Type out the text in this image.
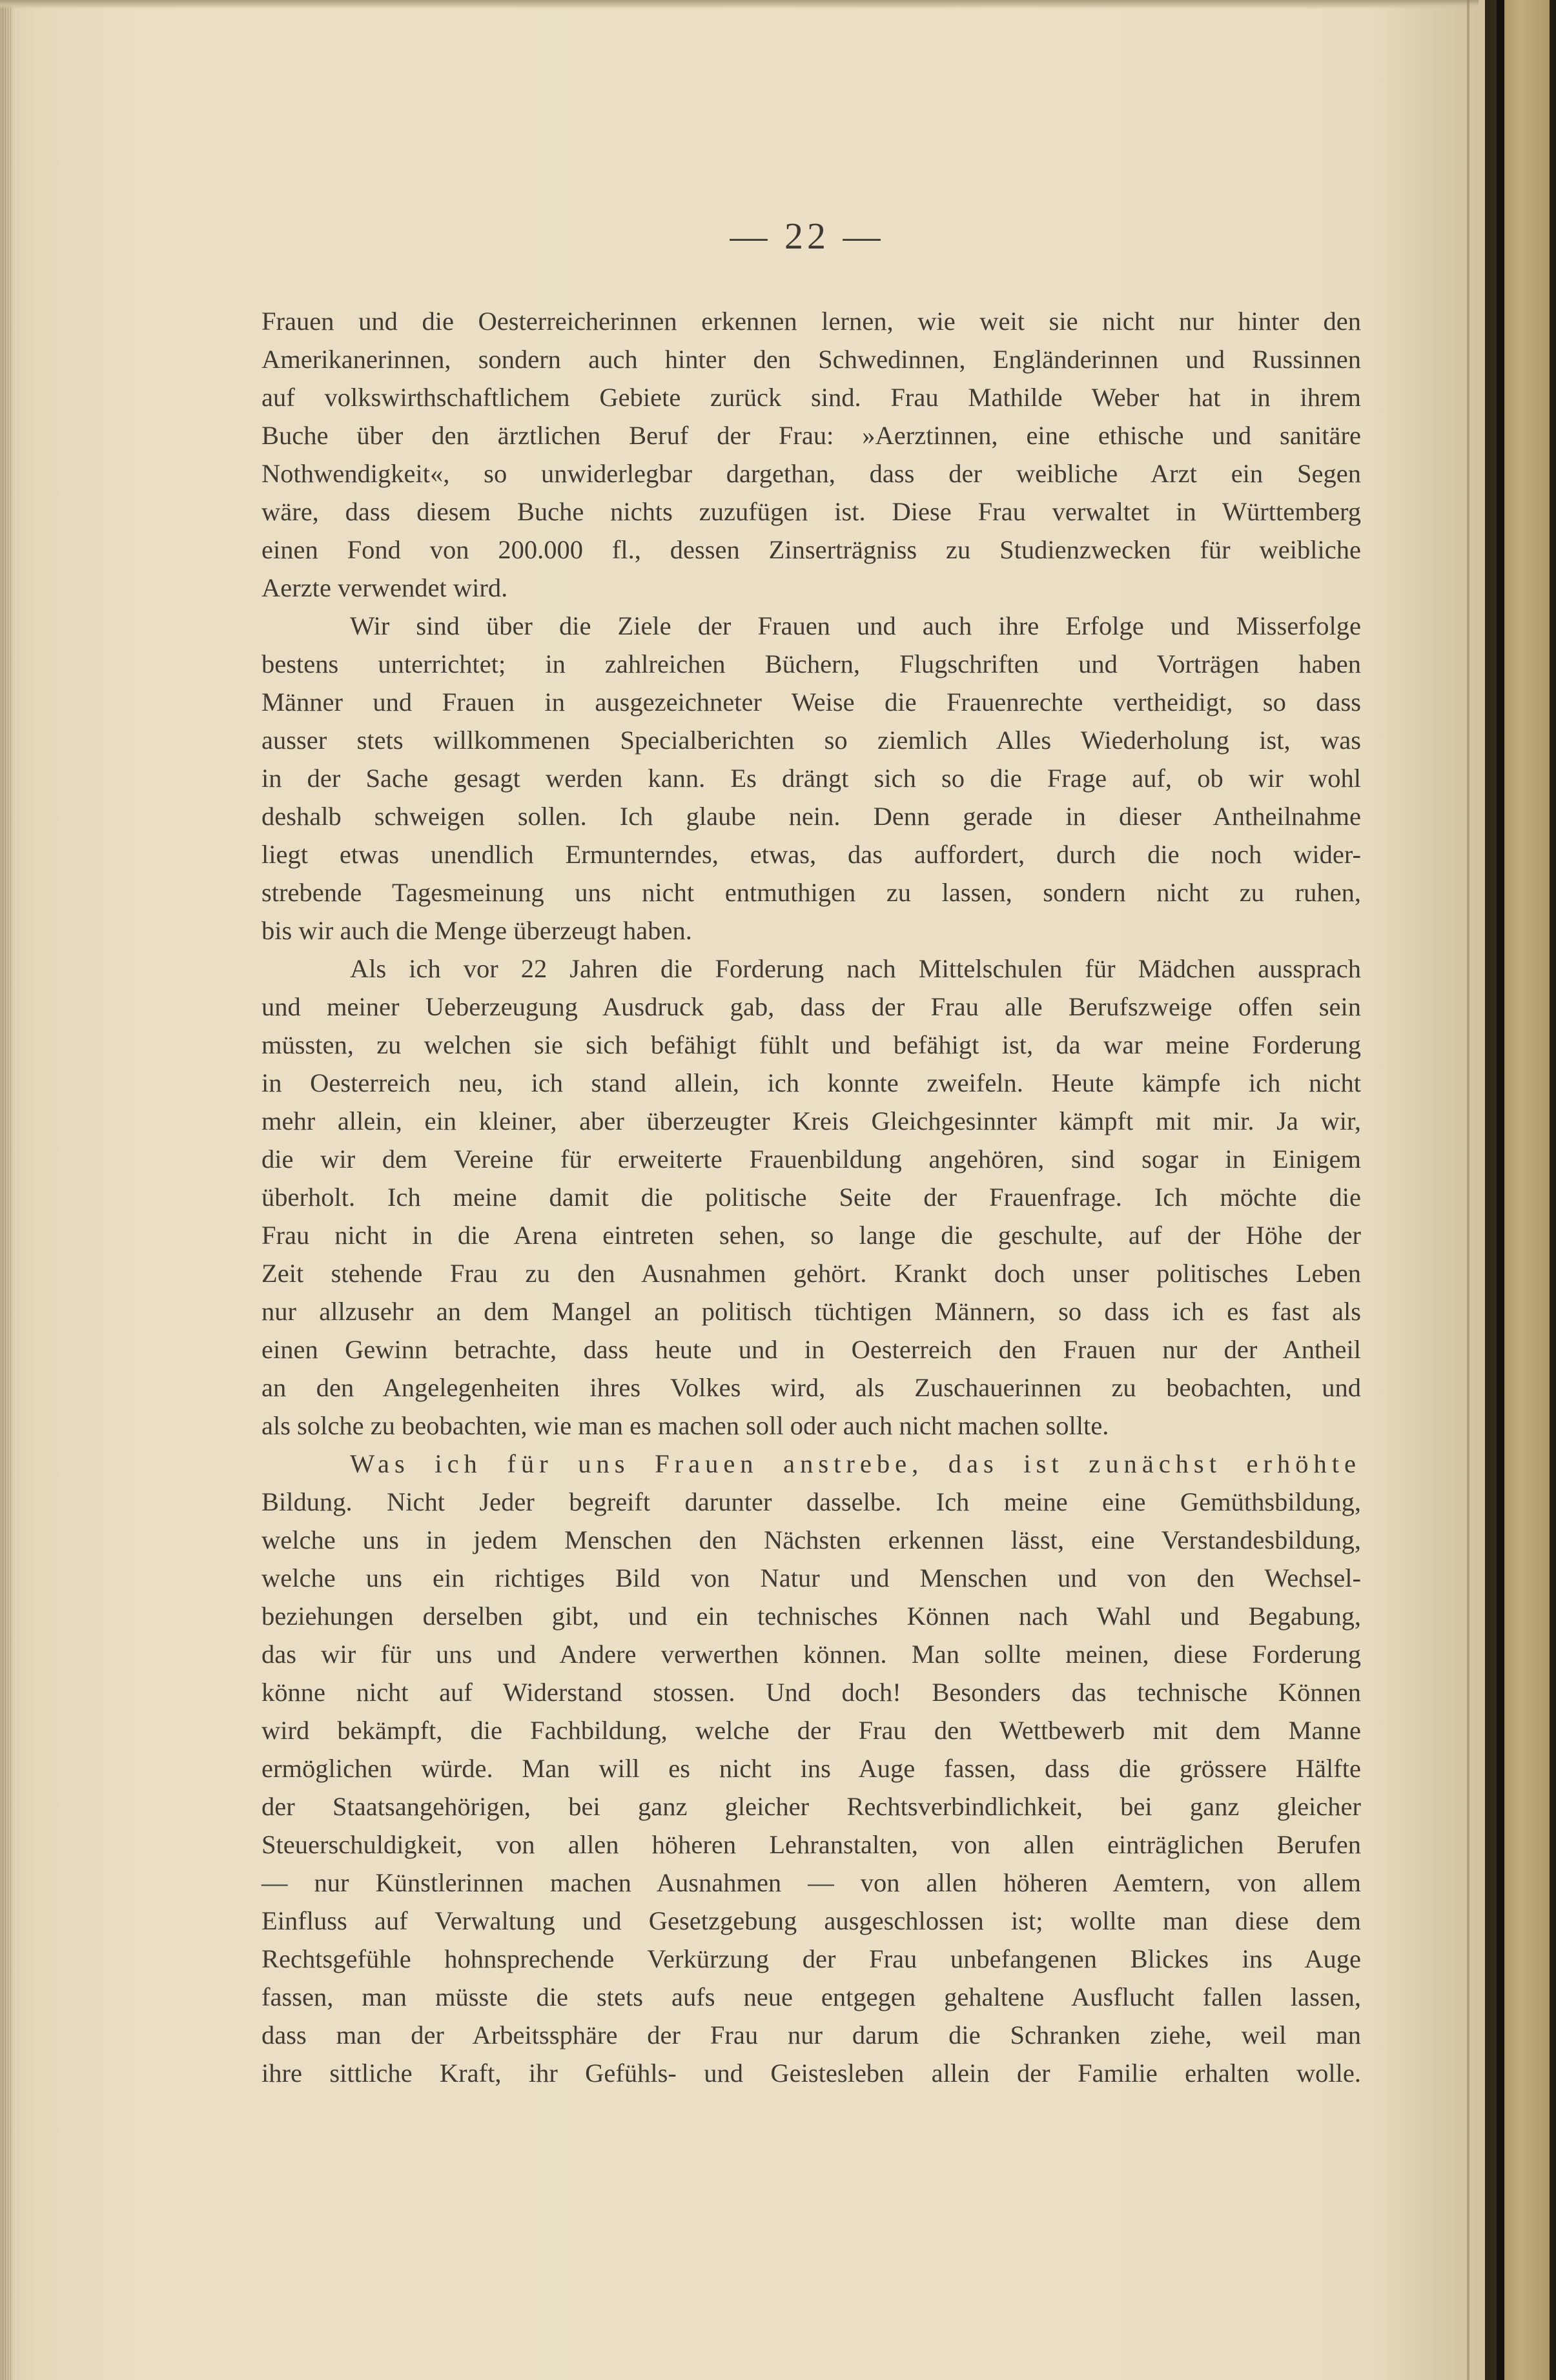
— 22 —
Frauen und die Oesterreicherinnen erkennen lernen, wie weit sie nicht nur hinter den
Amerikanerinnen, sondern auch hinter den Schwedinnen, Engländerinnen und Russinnen
auf volkswirthschaftlichem Gebiete zurück sind. Frau Mathilde Weber hat in ihrem
Buche über den ärztlichen Beruf der Frau: »Aerztinnen, eine ethische und sanitäre
Nothwendigkeit«, so unwiderlegbar dargethan, dass der weibliche Arzt ein Segen
wäre, dass diesem Buche nichts zuzufügen ist. Diese Frau verwaltet in Württemberg
einen Fond von 200.000 fl., dessen Zinserträgniss zu Studienzwecken für weibliche
Aerzte verwendet wird.
Wir sind über die Ziele der Frauen und auch ihre Erfolge und Misserfolge
bestens unterrichtet; in zahlreichen Büchern, Flugschriften und Vorträgen haben
Männer und Frauen in ausgezeichneter Weise die Frauenrechte vertheidigt, so dass
ausser stets willkommenen Specialberichten so ziemlich Alles Wiederholung ist, was
in der Sache gesagt werden kann. Es drängt sich so die Frage auf, ob wir wohl
deshalb schweigen sollen. Ich glaube nein. Denn gerade in dieser Antheilnahme
liegt etwas unendlich Ermunterndes, etwas, das auffordert, durch die noch wider-
strebende Tagesmeinung uns nicht entmuthigen zu lassen, sondern nicht zu ruhen,
bis wir auch die Menge überzeugt haben.
Als ich vor 22 Jahren die Forderung nach Mittelschulen für Mädchen aussprach
und meiner Ueberzeugung Ausdruck gab, dass der Frau alle Berufszweige offen sein
müssten, zu welchen sie sich befähigt fühlt und befähigt ist, da war meine Forderung
in Oesterreich neu, ich stand allein, ich konnte zweifeln. Heute kämpfe ich nicht
mehr allein, ein kleiner, aber überzeugter Kreis Gleichgesinnter kämpft mit mir. Ja wir,
die wir dem Vereine für erweiterte Frauenbildung angehören, sind sogar in Einigem
überholt. Ich meine damit die politische Seite der Frauenfrage. Ich möchte die
Frau nicht in die Arena eintreten sehen, so lange die geschulte, auf der Höhe der
Zeit stehende Frau zu den Ausnahmen gehört. Krankt doch unser politisches Leben
nur allzusehr an dem Mangel an politisch tüchtigen Männern, so dass ich es fast als
einen Gewinn betrachte, dass heute und in Oesterreich den Frauen nur der Antheil
an den Angelegenheiten ihres Volkes wird, als Zuschauerinnen zu beobachten, und
als solche zu beobachten, wie man es machen soll oder auch nicht machen sollte.
Was ich für uns Frauen anstrebe, das ist zunächst erhöhte
Bildung. Nicht Jeder begreift darunter dasselbe. Ich meine eine Gemüthsbildung,
welche uns in jedem Menschen den Nächsten erkennen lässt, eine Verstandesbildung,
welche uns ein richtiges Bild von Natur und Menschen und von den Wechsel-
beziehungen derselben gibt, und ein technisches Können nach Wahl und Begabung,
das wir für uns und Andere verwerthen können. Man sollte meinen, diese Forderung
könne nicht auf Widerstand stossen. Und doch! Besonders das technische Können
wird bekämpft, die Fachbildung, welche der Frau den Wettbewerb mit dem Manne
ermöglichen würde. Man will es nicht ins Auge fassen, dass die grössere Hälfte
der Staatsangehörigen, bei ganz gleicher Rechtsverbindlichkeit, bei ganz gleicher
Steuerschuldigkeit, von allen höheren Lehranstalten, von allen einträglichen Berufen
— nur Künstlerinnen machen Ausnahmen — von allen höheren Aemtern, von allem
Einfluss auf Verwaltung und Gesetzgebung ausgeschlossen ist; wollte man diese dem
Rechtsgefühle hohnsprechende Verkürzung der Frau unbefangenen Blickes ins Auge
fassen, man müsste die stets aufs neue entgegen gehaltene Ausflucht fallen lassen,
dass man der Arbeitssphäre der Frau nur darum die Schranken ziehe, weil man
ihre sittliche Kraft, ihr Gefühls- und Geistesleben allein der Familie erhalten wolle.
